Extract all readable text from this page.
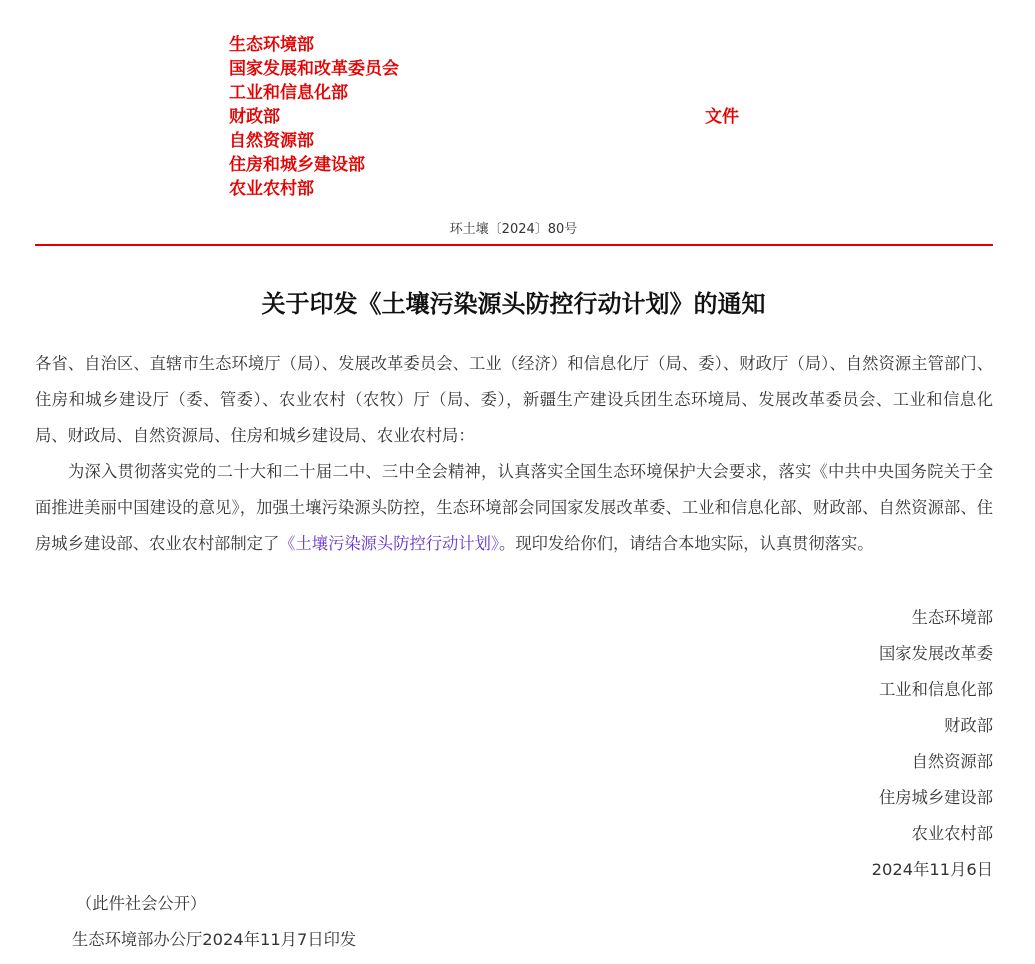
生态环境部
国家发展和改革委员会
工业和信息化部
财政部
自然资源部
住房和城乡建设部
农业农村部
文件
环土壤〔2024〕80号
关于印发《土壤污染源头防控行动计划》的通知

各省、自治区、直辖市生态环境厅（局）、发展改革委员会、工业（经济）和信息化厅（局、委）、财政厅（局）、自然资源主管部门、住房和城乡建设厅（委、管委）、农业农村（农牧）厅（局、委），新疆生产建设兵团生态环境局、发展改革委员会、工业和信息化局、财政局、自然资源局、住房和城乡建设局、农业农村局：

为深入贯彻落实党的二十大和二十届二中、三中全会精神，认真落实全国生态环境保护大会要求，落实《中共中央国务院关于全面推进美丽中国建设的意见》，加强土壤污染源头防控，生态环境部会同国家发展改革委、工业和信息化部、财政部、自然资源部、住房城乡建设部、农业农村部制定了《土壤污染源头防控行动计划》。现印发给你们，请结合本地实际，认真贯彻落实。

生态环境部
国家发展改革委
工业和信息化部
财政部
自然资源部
住房城乡建设部
农业农村部
2024年11月6日
（此件社会公开）
生态环境部办公厅2024年11月7日印发
